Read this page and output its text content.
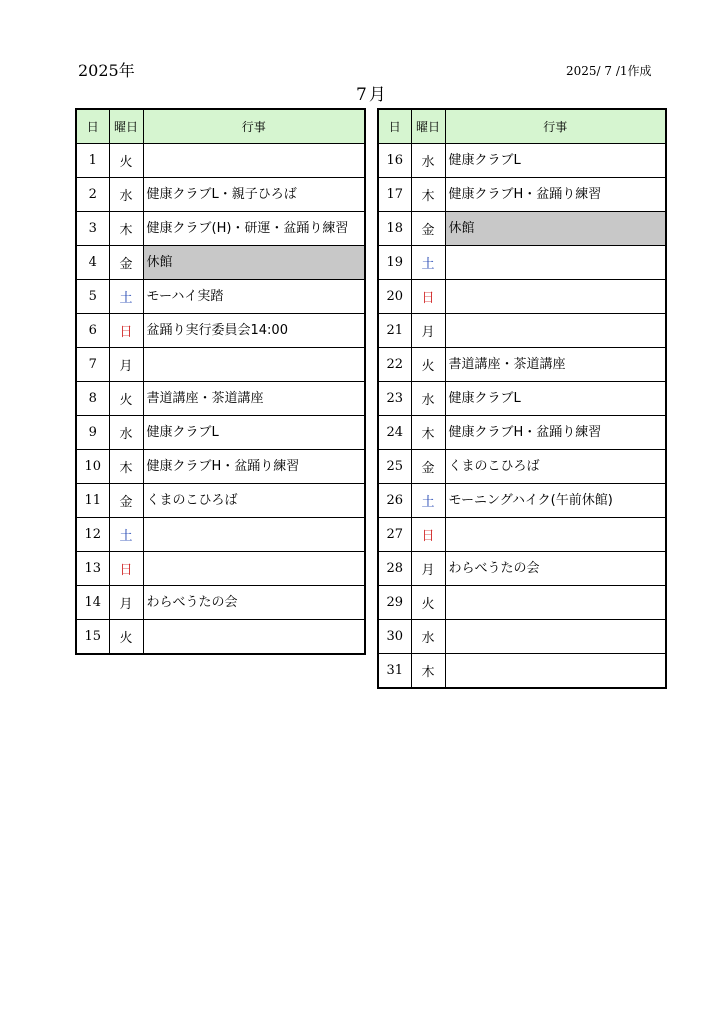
2025年	2025/ 7 /1作成
7月
日	曜日	行事
1	火	
2	水	健康クラブL・親子ひろば
3	木	健康クラブ(H)・研運・盆踊り練習
4	金	休館
5	土	モーハイ実踏
6	日	盆踊り実行委員会14:00
7	月	
8	火	書道講座・茶道講座
9	水	健康クラブL
10	木	健康クラブH・盆踊り練習
11	金	くまのこひろば
12	土	
13	日	
14	月	わらべうたの会
15	火	
日	曜日	行事
16	水	健康クラブL
17	木	健康クラブH・盆踊り練習
18	金	休館
19	土	
20	日	
21	月	
22	火	書道講座・茶道講座
23	水	健康クラブL
24	木	健康クラブH・盆踊り練習
25	金	くまのこひろば
26	土	モーニングハイク(午前休館)
27	日	
28	月	わらべうたの会
29	火	
30	水	
31	木	
